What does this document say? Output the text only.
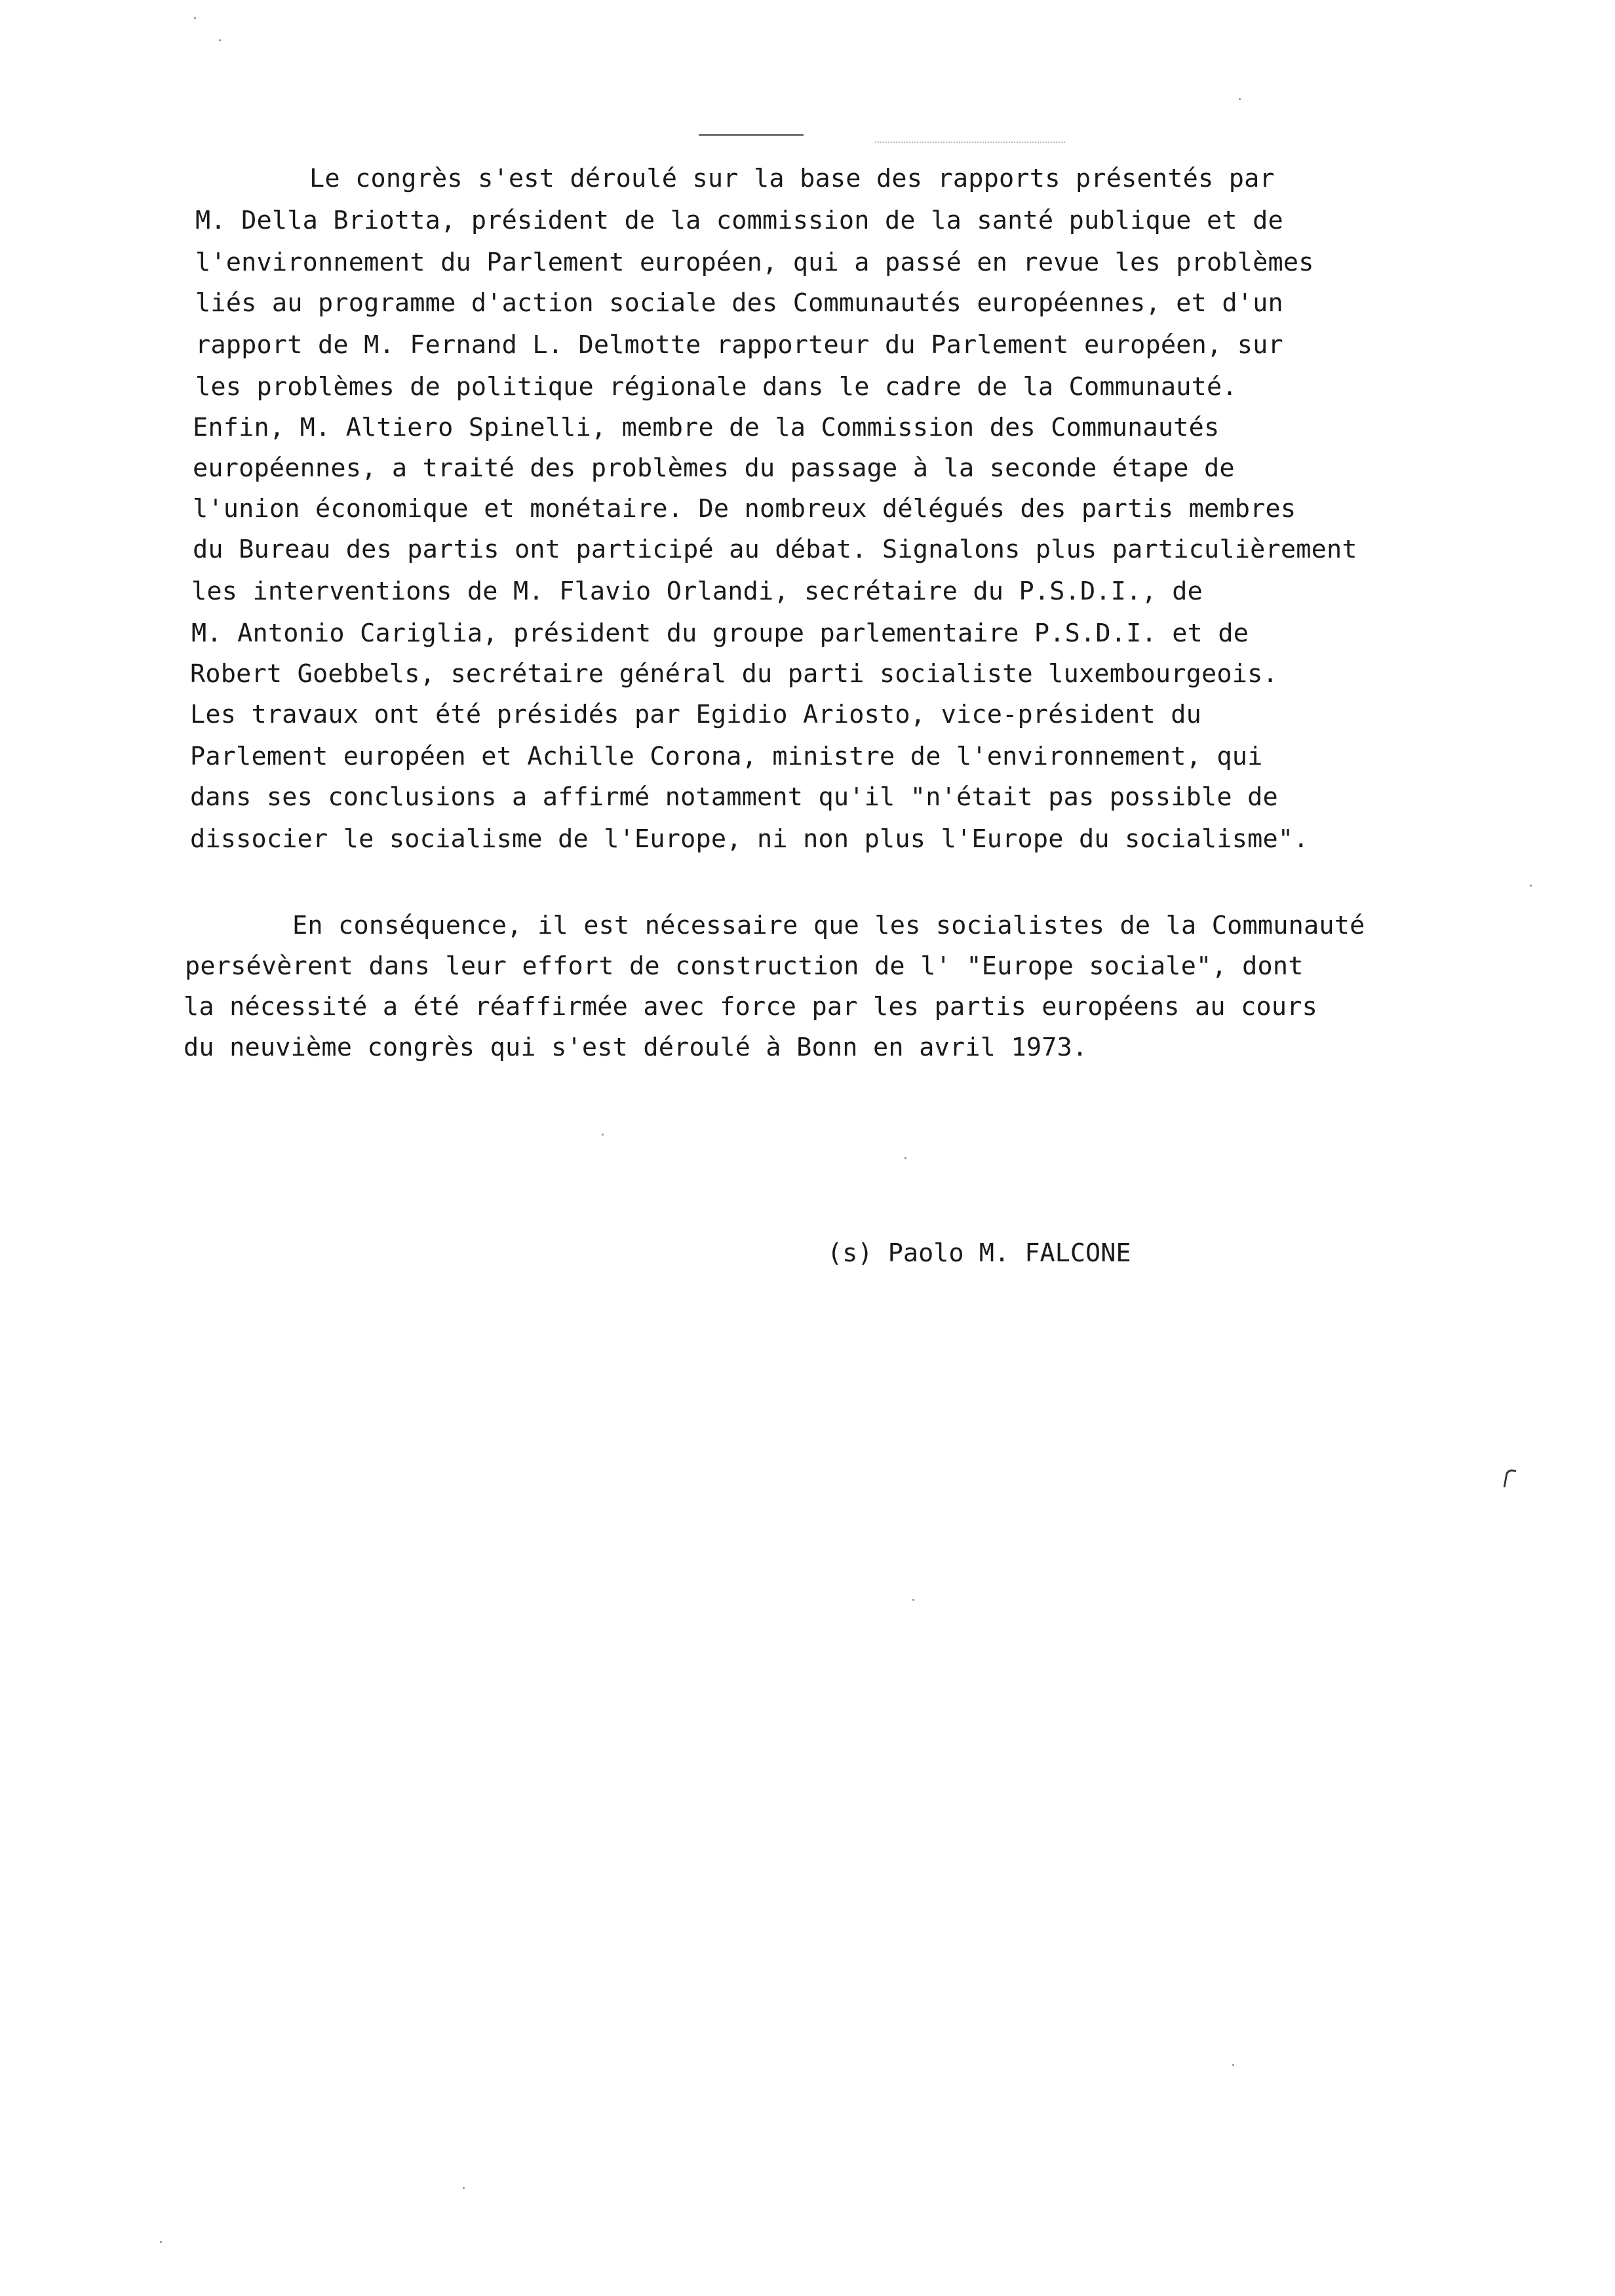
Le congrès s'est déroulé sur la base des rapports présentés par

M. Della Briotta, président de la commission de la santé publique et de

l'environnement du Parlement européen, qui a passé en revue les problèmes

liés au programme d'action sociale des Communautés européennes, et d'un

rapport de M. Fernand L. Delmotte rapporteur du Parlement européen, sur

les problèmes de politique régionale dans le cadre de la Communauté.

Enfin, M. Altiero Spinelli, membre de la Commission des Communautés

européennes, a traité des problèmes du passage à la seconde étape de

l'union économique et monétaire. De nombreux délégués des partis membres

du Bureau des partis ont participé au débat. Signalons plus particulièrement

les interventions de M. Flavio Orlandi, secrétaire du P.S.D.I., de

M. Antonio Cariglia, président du groupe parlementaire P.S.D.I. et de

Robert Goebbels, secrétaire général du parti socialiste luxembourgeois.

Les travaux ont été présidés par Egidio Ariosto, vice-président du

Parlement européen et Achille Corona, ministre de l'environnement, qui

dans ses conclusions a affirmé notamment qu'il "n'était pas possible de

dissocier le socialisme de l'Europe, ni non plus l'Europe du socialisme".

En conséquence, il est nécessaire que les socialistes de la Communauté

persévèrent dans leur effort de construction de l' "Europe sociale", dont

la nécessité a été réaffirmée avec force par les partis européens au cours

du neuvième congrès qui s'est déroulé à Bonn en avril 1973.

(s) Paolo M. FALCONE
